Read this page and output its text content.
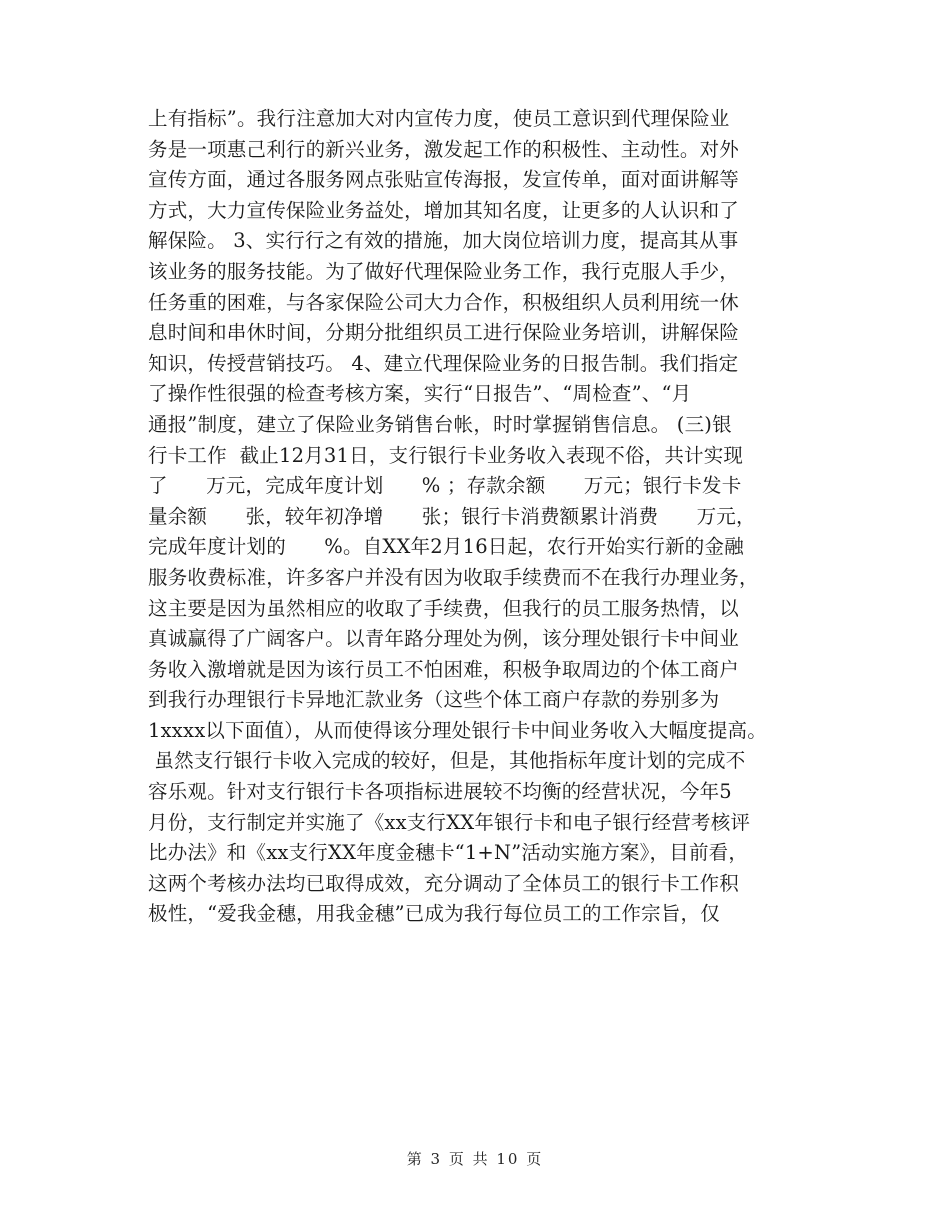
上有指标”。我行注意加大对内宣传力度，使员工意识到代理保险业
务是一项惠己利行的新兴业务，激发起工作的积极性、主动性。对外
宣传方面，通过各服务网点张贴宣传海报，发宣传单，面对面讲解等
方式，大力宣传保险业务益处，增加其知名度，让更多的人认识和了
解保险。 3、实行行之有效的措施，加大岗位培训力度，提高其从事
该业务的服务技能。为了做好代理保险业务工作，我行克服人手少，
任务重的困难，与各家保险公司大力合作，积极组织人员利用统一休
息时间和串休时间，分期分批组织员工进行保险业务培训，讲解保险
知识，传授营销技巧。 4、建立代理保险业务的日报告制。我们指定
了操作性很强的检查考核方案，实行“日报告”、“周检查”、“月
通报”制度，建立了保险业务销售台帐，时时掌握销售信息。 (三)银
行卡工作  截止12月31日，支行银行卡业务收入表现不俗，共计实现
了      万元，完成年度计划      % ；存款余额      万元；银行卡发卡
量余额      张，较年初净增      张；银行卡消费额累计消费      万元，
完成年度计划的      %。自XX年2月16日起，农行开始实行新的金融
服务收费标准，许多客户并没有因为收取手续费而不在我行办理业务，
这主要是因为虽然相应的收取了手续费，但我行的员工服务热情，以
真诚赢得了广阔客户。以青年路分理处为例，该分理处银行卡中间业
务收入激增就是因为该行员工不怕困难，积极争取周边的个体工商户
到我行办理银行卡异地汇款业务（这些个体工商户存款的券别多为
1xxxx以下面值），从而使得该分理处银行卡中间业务收入大幅度提高。
虽然支行银行卡收入完成的较好，但是，其他指标年度计划的完成不
容乐观。针对支行银行卡各项指标进展较不均衡的经营状况，今年5
月份，支行制定并实施了《xx支行XX年银行卡和电子银行经营考核评
比办法》和《xx支行XX年度金穗卡“1+N”活动实施方案》，目前看，
这两个考核办法均已取得成效，充分调动了全体员工的银行卡工作积
极性，“爱我金穗，用我金穗”已成为我行每位员工的工作宗旨，仅
第 3 页 共 10 页
